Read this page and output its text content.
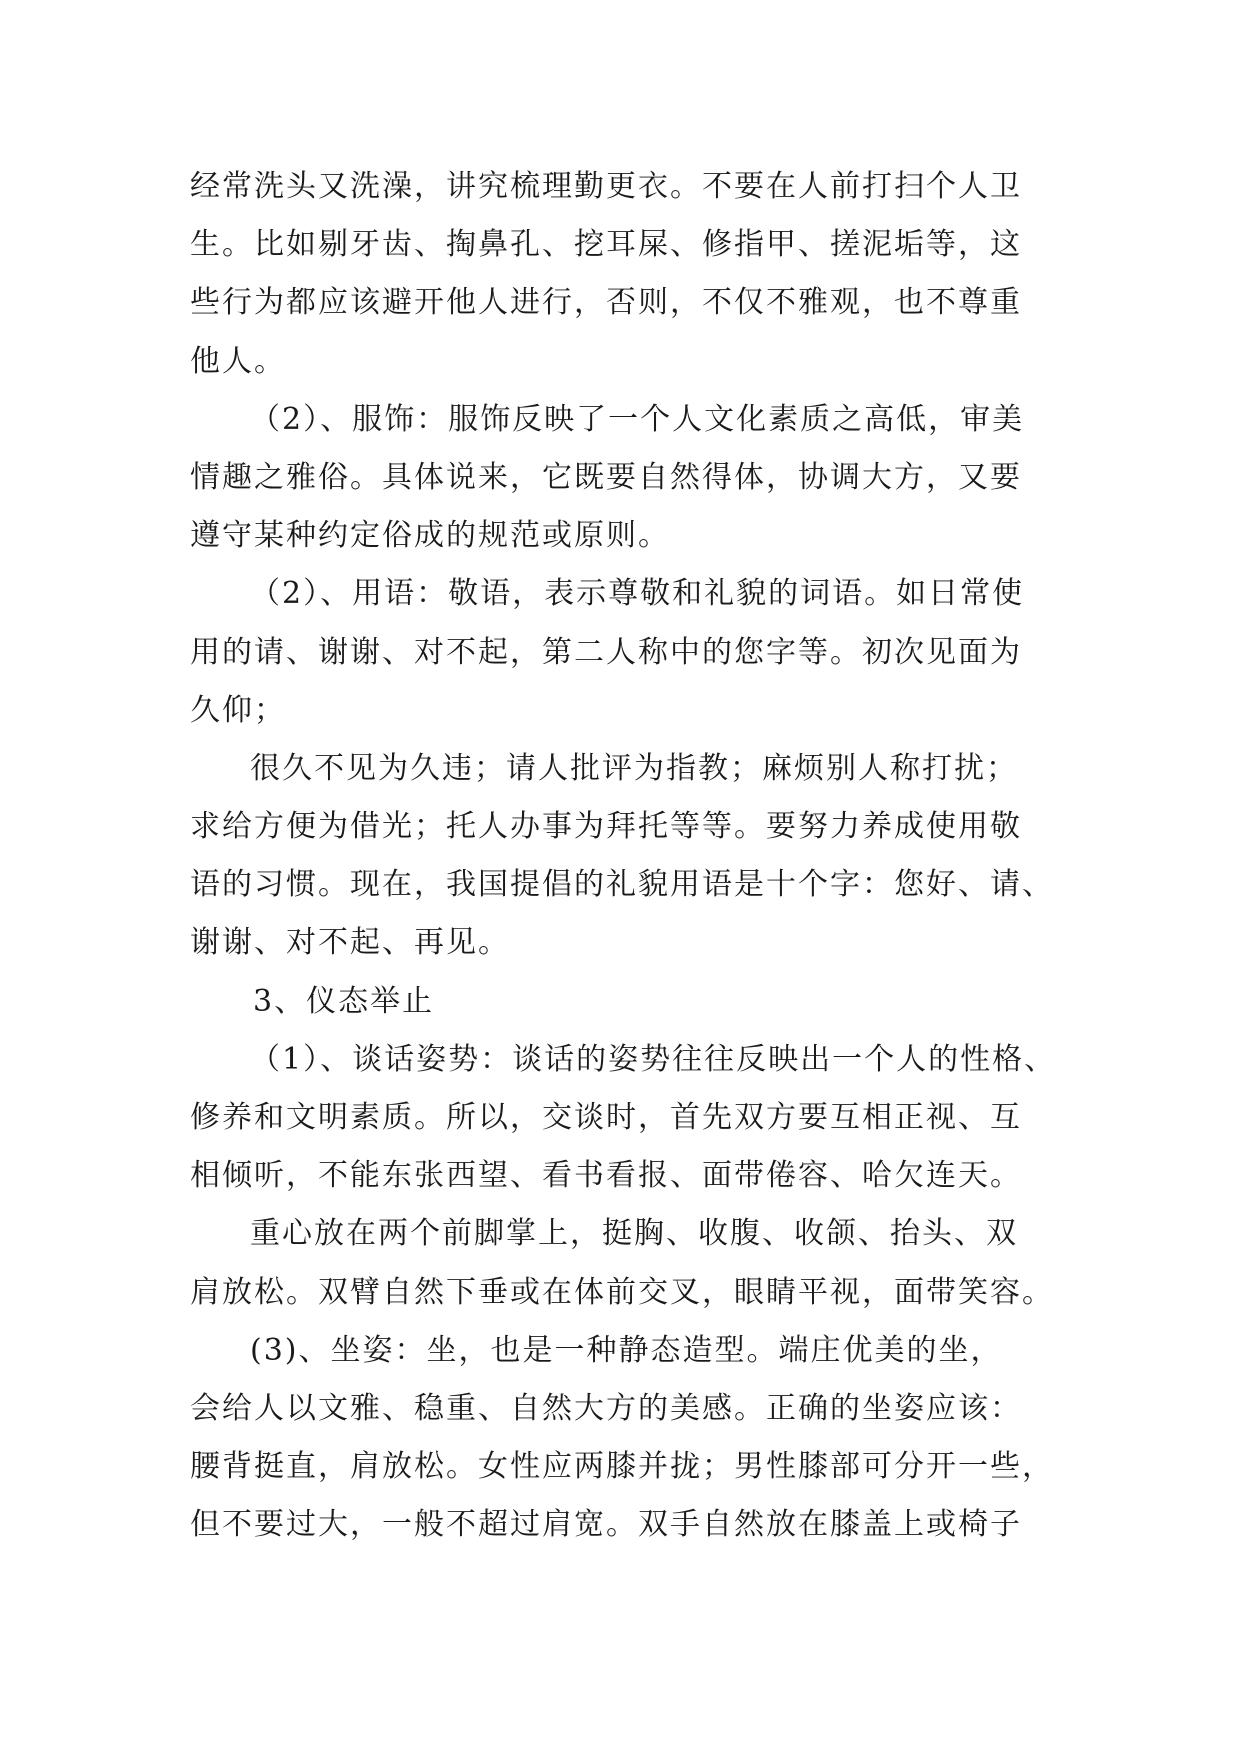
经常洗头又洗澡，讲究梳理勤更衣。不要在人前打扫个人卫
生。比如剔牙齿、掏鼻孔、挖耳屎、修指甲、搓泥垢等，这
些行为都应该避开他人进行，否则，不仅不雅观，也不尊重
他人。
（2）、服饰：服饰反映了一个人文化素质之高低，审美
情趣之雅俗。具体说来，它既要自然得体，协调大方，又要
遵守某种约定俗成的规范或原则。
（2）、用语：敬语，表示尊敬和礼貌的词语。如日常使
用的请、谢谢、对不起，第二人称中的您字等。初次见面为
久仰；
很久不见为久违；请人批评为指教；麻烦别人称打扰；
求给方便为借光；托人办事为拜托等等。要努力养成使用敬
语的习惯。现在，我国提倡的礼貌用语是十个字：您好、请、
谢谢、对不起、再见。
3、仪态举止
（1）、谈话姿势：谈话的姿势往往反映出一个人的性格、
修养和文明素质。所以，交谈时，首先双方要互相正视、互
相倾听，不能东张西望、看书看报、面带倦容、哈欠连天。
重心放在两个前脚掌上，挺胸、收腹、收颌、抬头、双
肩放松。双臂自然下垂或在体前交叉，眼睛平视，面带笑容。
(3)、坐姿：坐，也是一种静态造型。端庄优美的坐，
会给人以文雅、稳重、自然大方的美感。正确的坐姿应该：
腰背挺直，肩放松。女性应两膝并拢；男性膝部可分开一些，
但不要过大，一般不超过肩宽。双手自然放在膝盖上或椅子
